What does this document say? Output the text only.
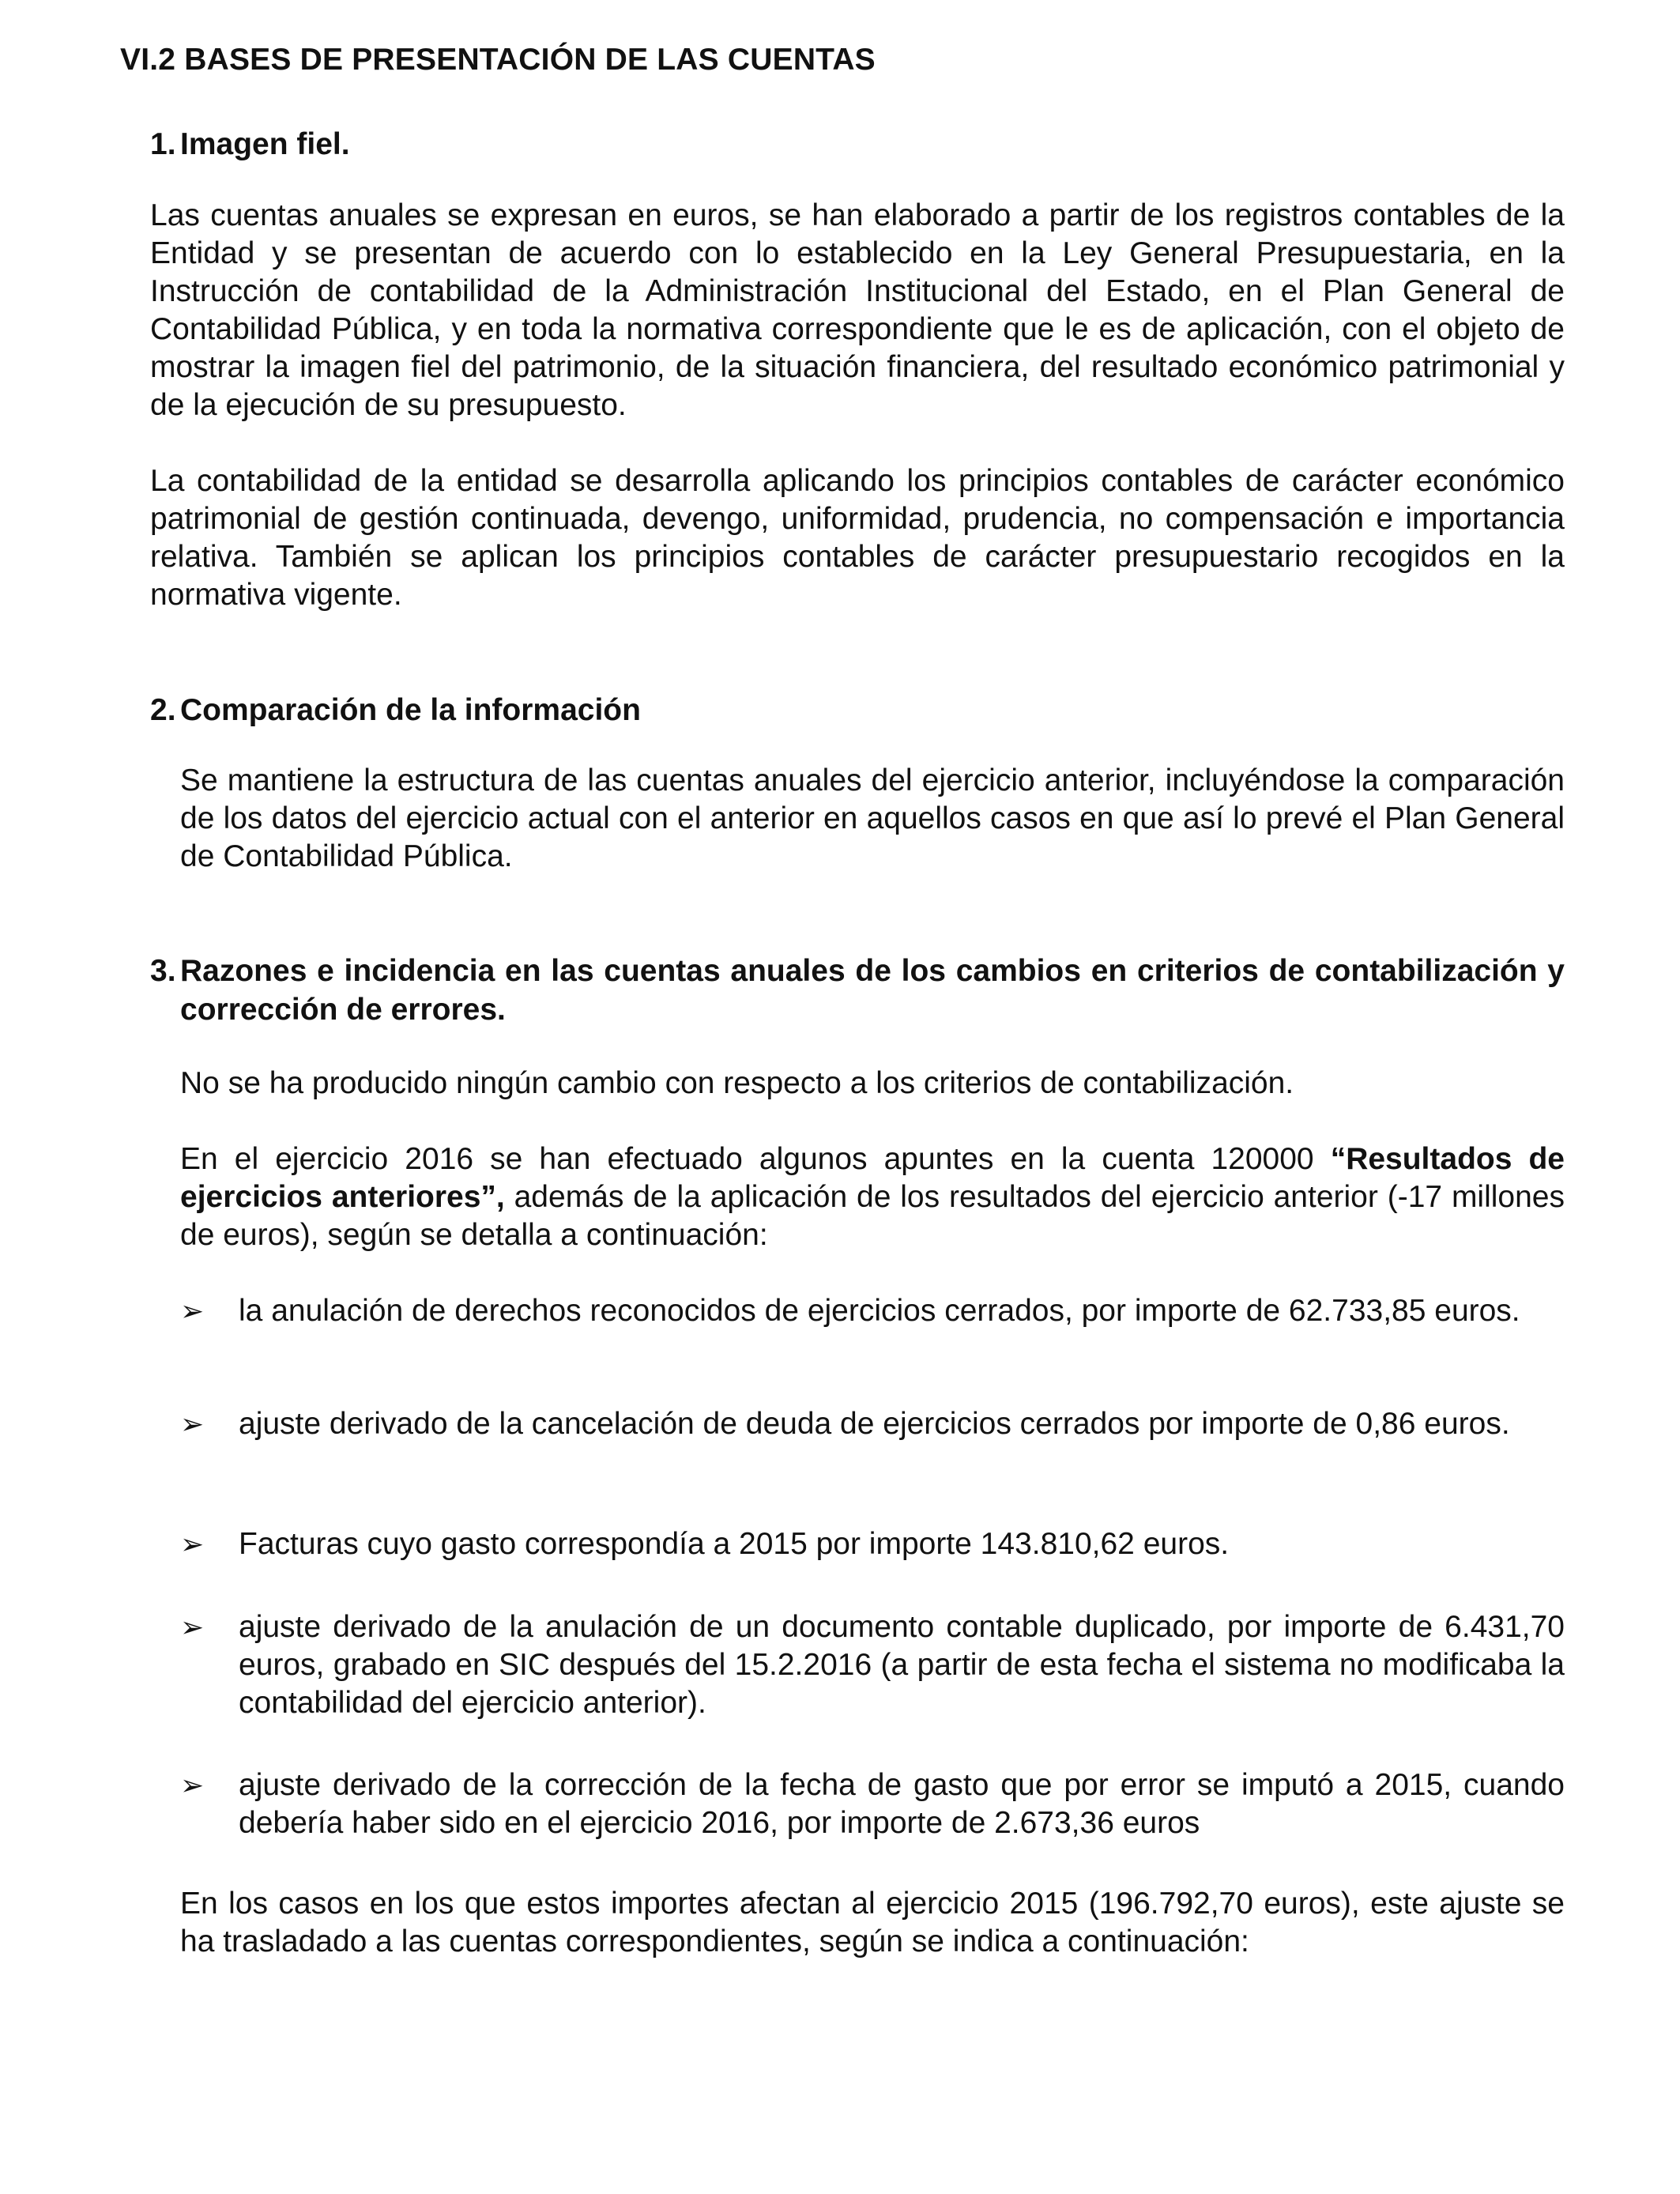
VI.2 BASES DE PRESENTACIÓN DE LAS CUENTAS
1. Imagen fiel.

Las cuentas anuales se expresan en euros, se han elaborado a partir de los registros contables de la Entidad y se presentan de acuerdo con lo establecido en la Ley General Presupuestaria, en la Instrucción de contabilidad de la Administración Institucional del Estado, en el Plan General de Contabilidad Pública, y en toda la normativa correspondiente que le es de aplicación, con el objeto de mostrar la imagen fiel del patrimonio, de la situación financiera, del resultado económico patrimonial y de la ejecución de su presupuesto.

La contabilidad de la entidad se desarrolla aplicando los principios contables de carácter económico patrimonial de gestión continuada, devengo, uniformidad, prudencia, no compensación e importancia relativa. También se aplican los principios contables de carácter presupuestario recogidos en la normativa vigente.

2. Comparación de la información

Se mantiene la estructura de las cuentas anuales del ejercicio anterior, incluyéndose la comparación de los datos del ejercicio actual con el anterior en aquellos casos en que así lo prevé el Plan General de Contabilidad Pública.

3. Razones e incidencia en las cuentas anuales de los cambios en criterios de contabilización y corrección de errores.

No se ha producido ningún cambio con respecto a los criterios de contabilización.

En el ejercicio 2016 se han efectuado algunos apuntes en la cuenta 120000 “Resultados de ejercicios anteriores”, además de la aplicación de los resultados del ejercicio anterior (-17 millones de euros), según se detalla a continuación:

➢ la anulación de derechos reconocidos de ejercicios cerrados, por importe de 62.733,85 euros.

➢ ajuste derivado de la cancelación de deuda de ejercicios cerrados por importe de 0,86 euros.

➢ Facturas cuyo gasto correspondía a 2015 por importe 143.810,62 euros.

➢ ajuste derivado de la anulación de un documento contable duplicado, por importe de 6.431,70 euros, grabado en SIC después del 15.2.2016 (a partir de esta fecha el sistema no modificaba la contabilidad del ejercicio anterior).

➢ ajuste derivado de la corrección de la fecha de gasto que por error se imputó a 2015, cuando debería haber sido en el ejercicio 2016, por importe de 2.673,36 euros

En los casos en los que estos importes afectan al ejercicio 2015 (196.792,70 euros), este ajuste se ha trasladado a las cuentas correspondientes, según se indica a continuación:
